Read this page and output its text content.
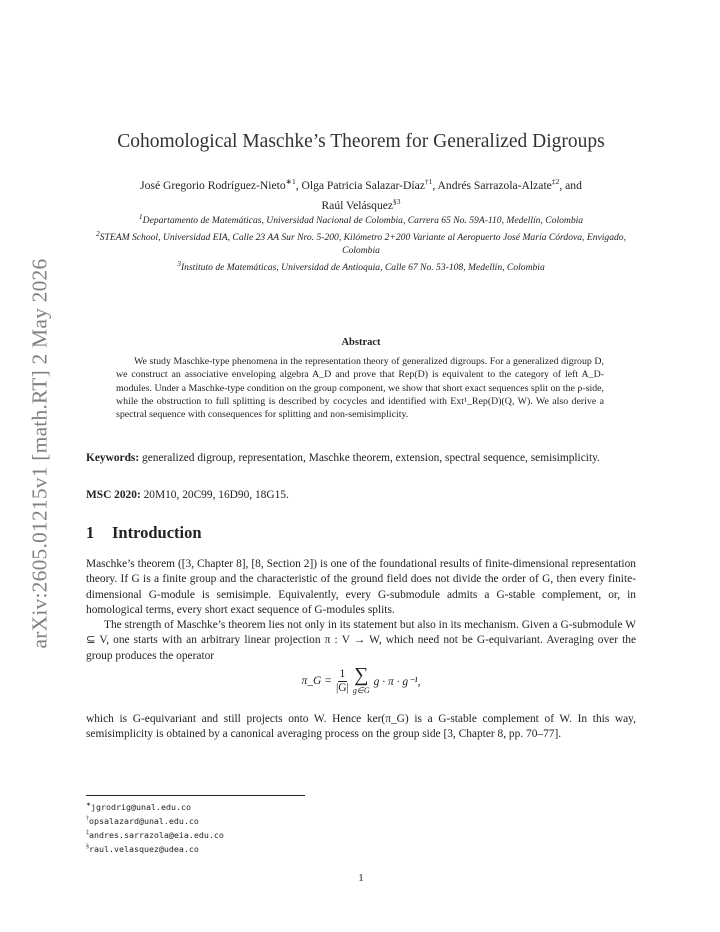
arXiv:2605.01215v1 [math.RT] 2 May 2026
Cohomological Maschke’s Theorem for Generalized Digroups
José Gregorio Rodríguez-Nieto$^{∗1}$, Olga Patricia Salazar-Díaz$^{\dagger 1}$, Andrés Sarrazola-Alzate$^{\ddagger 2}$, and
Raúl Velásquez$^{\S 3}$
$^1$Departamento de Matemáticas, Universidad Nacional de Colombia, Carrera 65 No. 59A-110, Medellín, Colombia
$^2$STEAM School, Universidad EIA, Calle 23 AA Sur Nro. 5-200, Kilómetro 2+200 Variante al Aeropuerto José María Córdova, Envigado, Colombia
$^3$Instituto de Matemáticas, Universidad de Antioquia, Calle 67 No. 53-108, Medellín, Colombia
Abstract
We study Maschke-type phenomena in the representation theory of generalized digroups. For a generalized digroup D, we construct an associative enveloping algebra A_D and prove that Rep(D) is equivalent to the category of left A_D-modules. Under a Maschke-type condition on the group component, we show that short exact sequences split on the ρ-side, while the obstruction to full splitting is described by cocycles and identified with Ext¹_Rep(D)(Q, W). We also derive a spectral sequence with consequences for splitting and non-semisimplicity.
Keywords: generalized digroup, representation, Maschke theorem, extension, spectral sequence, semisimplicity.
MSC 2020: 20M10, 20C99, 16D90, 18G15.
1 Introduction

Maschke’s theorem ([3, Chapter 8], [8, Section 2]) is one of the foundational results of finite-dimensional representation theory. If G is a finite group and the characteristic of the ground field does not divide the order of G, then every finite-dimensional G-module is semisimple. Equivalently, every G-submodule admits a G-stable complement, or, in homological terms, every short exact sequence of G-modules splits.

The strength of Maschke’s theorem lies not only in its statement but also in its mechanism. Given a G-submodule W ⊆ V, one starts with an arbitrary linear projection π : V → W, which need not be G-equivariant. Averaging over the group produces the operator

π_G = $\frac{1}{|G|}$ ∑
g∈G
g · π · g⁻¹,
which is G-equivariant and still projects onto W. Hence ker(π_G) is a G-stable complement of W. In this way, semisimplicity is obtained by a canonical averaging process on the group side [3, Chapter 8, pp. 70–77].
∗jgrodrig@unal.edu.co
†opsalazard@unal.edu.co
‡andres.sarrazola@eia.edu.co
§raul.velasquez@udea.co
1
